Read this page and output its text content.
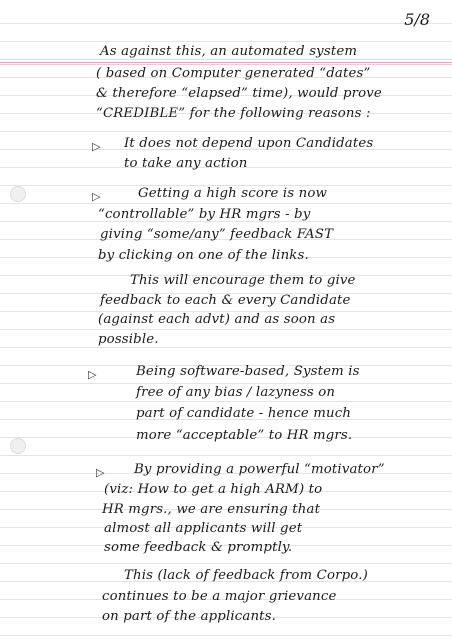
5/8
As against this, an automated system
( based on Computer generated “dates”
& therefore “elapsed” time), would prove
“CREDIBLE” for the following reasons :
▷ It does not depend upon Candidates
to take any action
▷	Getting a high score is now
“controllable” by HR mgrs - by
giving “some/any” feedback FAST
by clicking on one of the links.
This will encourage them to give
feedback to each & every Candidate
(against each advt) and as soon as
possible.
▷	Being software-based, System is
free of any bias / lazyness on
part of candidate - hence much
more “acceptable” to HR mgrs.
▷ By providing a powerful “motivator”
(viz: How to get a high ARM) to
HR mgrs., we are ensuring that
almost all applicants will get
some feedback & promptly.
This (lack of feedback from Corpo.)
continues to be a major grievance
on part of the applicants.
